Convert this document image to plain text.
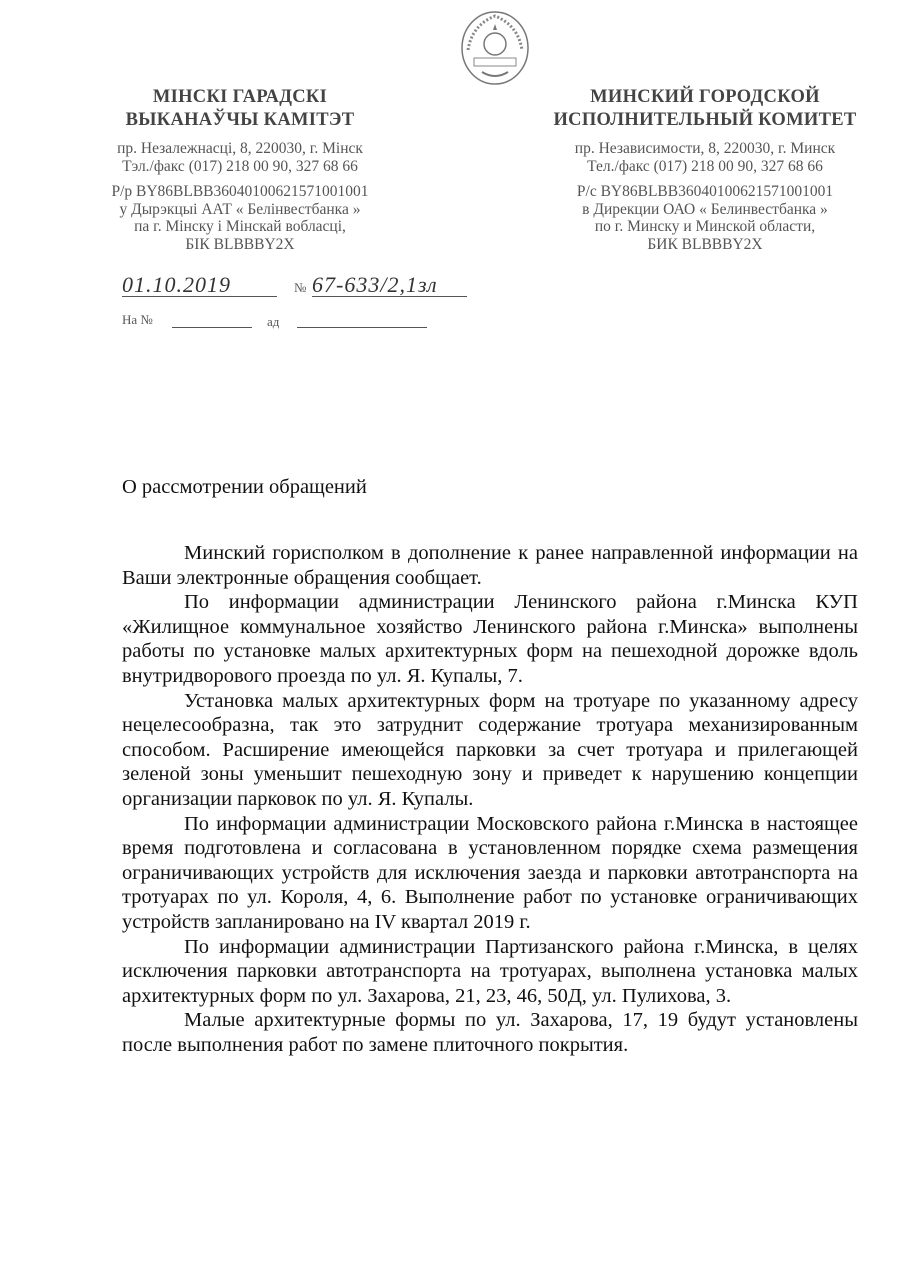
МІНСКІ ГАРАДСКІ
ВЫКАНАЎЧЫ КАМІТЭТ
пр. Незалежнасці, 8, 220030, г. Мінск
Тэл./факс (017) 218 00 90, 327 68 66
Р/р BY86BLBB36040100621571001001
у Дырэкцыі ААТ « Белінвестбанка »
па г. Мінску і Мінскай вобласці,
БІК BLBBBY2X
МИНСКИЙ ГОРОДСКОЙ
ИСПОЛНИТЕЛЬНЫЙ КОМИТЕТ
пр. Независимости, 8, 220030, г. Минск
Тел./факс (017) 218 00 90, 327 68 66
Р/с BY86BLBB36040100621571001001
в Дирекции ОАО « Белинвестбанка »
по г. Минску и Минской области,
БИК BLBBBY2X
01.10.2019	№ 67-633/2,1зл
На №	ад
О рассмотрении обращений

Минский горисполком в дополнение к ранее направленной информации на Ваши электронные обращения сообщает.

По информации администрации Ленинского района г.Минска КУП «Жилищное коммунальное хозяйство Ленинского района г.Минска» выполнены работы по установке малых архитектурных форм на пешеходной дорожке вдоль внутридворового проезда по ул. Я. Купалы, 7.

Установка малых архитектурных форм на тротуаре по указанному адресу нецелесообразна, так это затруднит содержание тротуара механизированным способом. Расширение имеющейся парковки за счет тротуара и прилегающей зеленой зоны уменьшит пешеходную зону и приведет к нарушению концепции организации парковок по ул. Я. Купалы.

По информации администрации Московского района г.Минска в настоящее время подготовлена и согласована в установленном порядке схема размещения ограничивающих устройств для исключения заезда и парковки автотранспорта на тротуарах по ул. Короля, 4, 6. Выполнение работ по установке ограничивающих устройств запланировано на IV квартал 2019 г.

По информации администрации Партизанского района г.Минска, в целях исключения парковки автотранспорта на тротуарах, выполнена установка малых архитектурных форм по ул. Захарова, 21, 23, 46, 50Д, ул. Пулихова, 3.

Малые архитектурные формы по ул. Захарова, 17, 19 будут установлены после выполнения работ по замене плиточного покрытия.
